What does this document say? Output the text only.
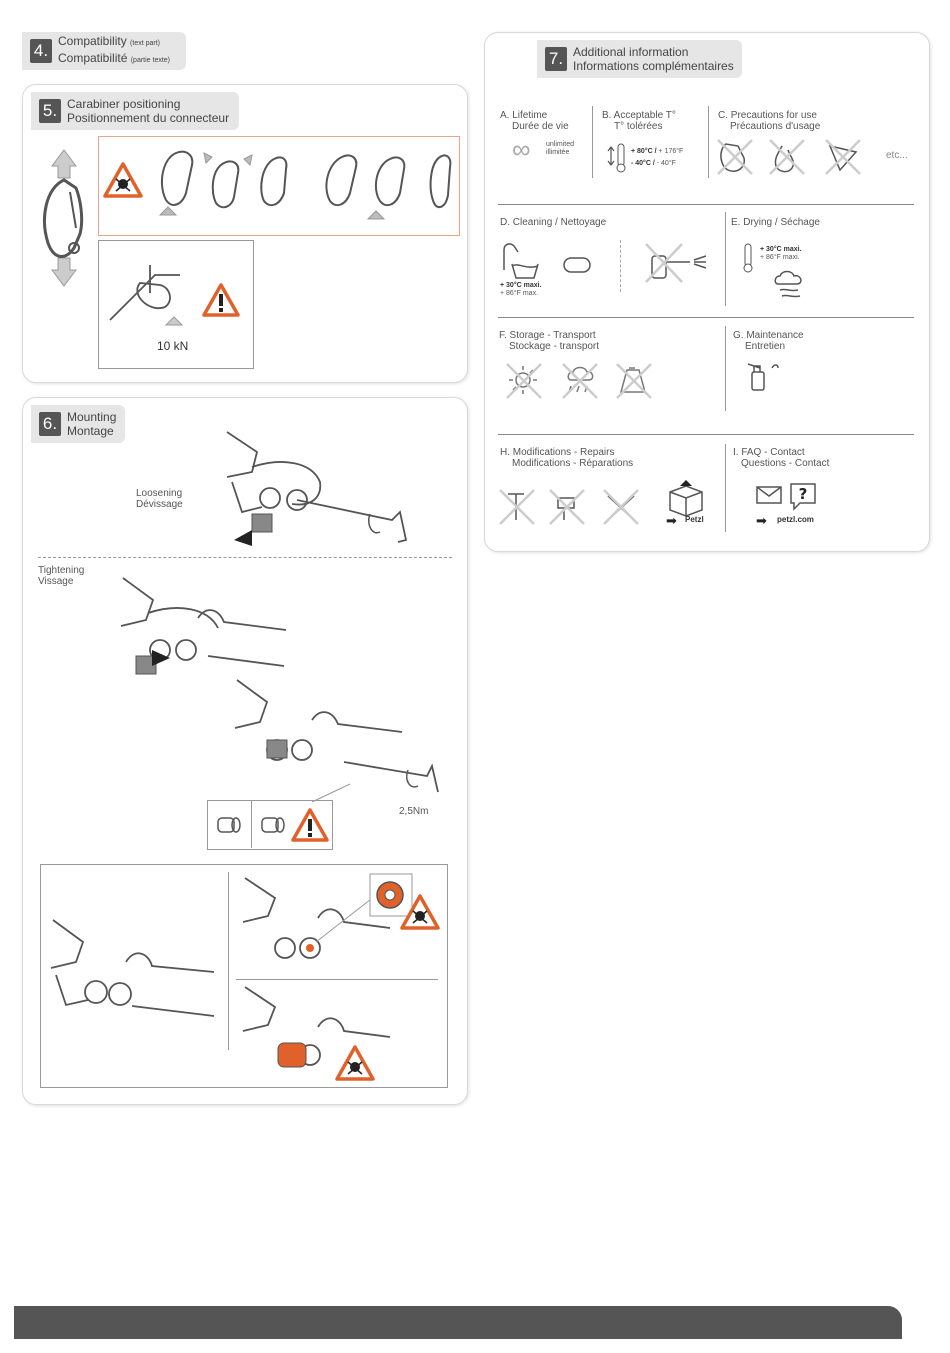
4. Compatibility (text part)
Compatibilité (partie texte)
5. Carabiner positioning
Positionnement du connecteur
10 kN
6. Mounting
Montage
Loosening
Dévissage
Tightening
Vissage
2,5Nm
7. Additional information
Informations complémentaires
A. Lifetime
Durée de vie
∞ unlimited
illimitée
B. Acceptable T°
T° tolérées
+ 80°C / + 176°F
- 40°C / - 40°F
C. Precautions for use
Précautions d'usage
etc...
D. Cleaning / Nettoyage
+ 30°C maxi.
+ 86°F max.
E. Drying / Séchage
+ 30°C maxi.
+ 86°F maxi.
F. Storage - Transport
Stockage - transport
G. Maintenance
Entretien
H. Modifications - Repairs
Modifications - Réparations
➡ Petzl
I. FAQ - Contact
Questions - Contact
?
➡ petzl.com
